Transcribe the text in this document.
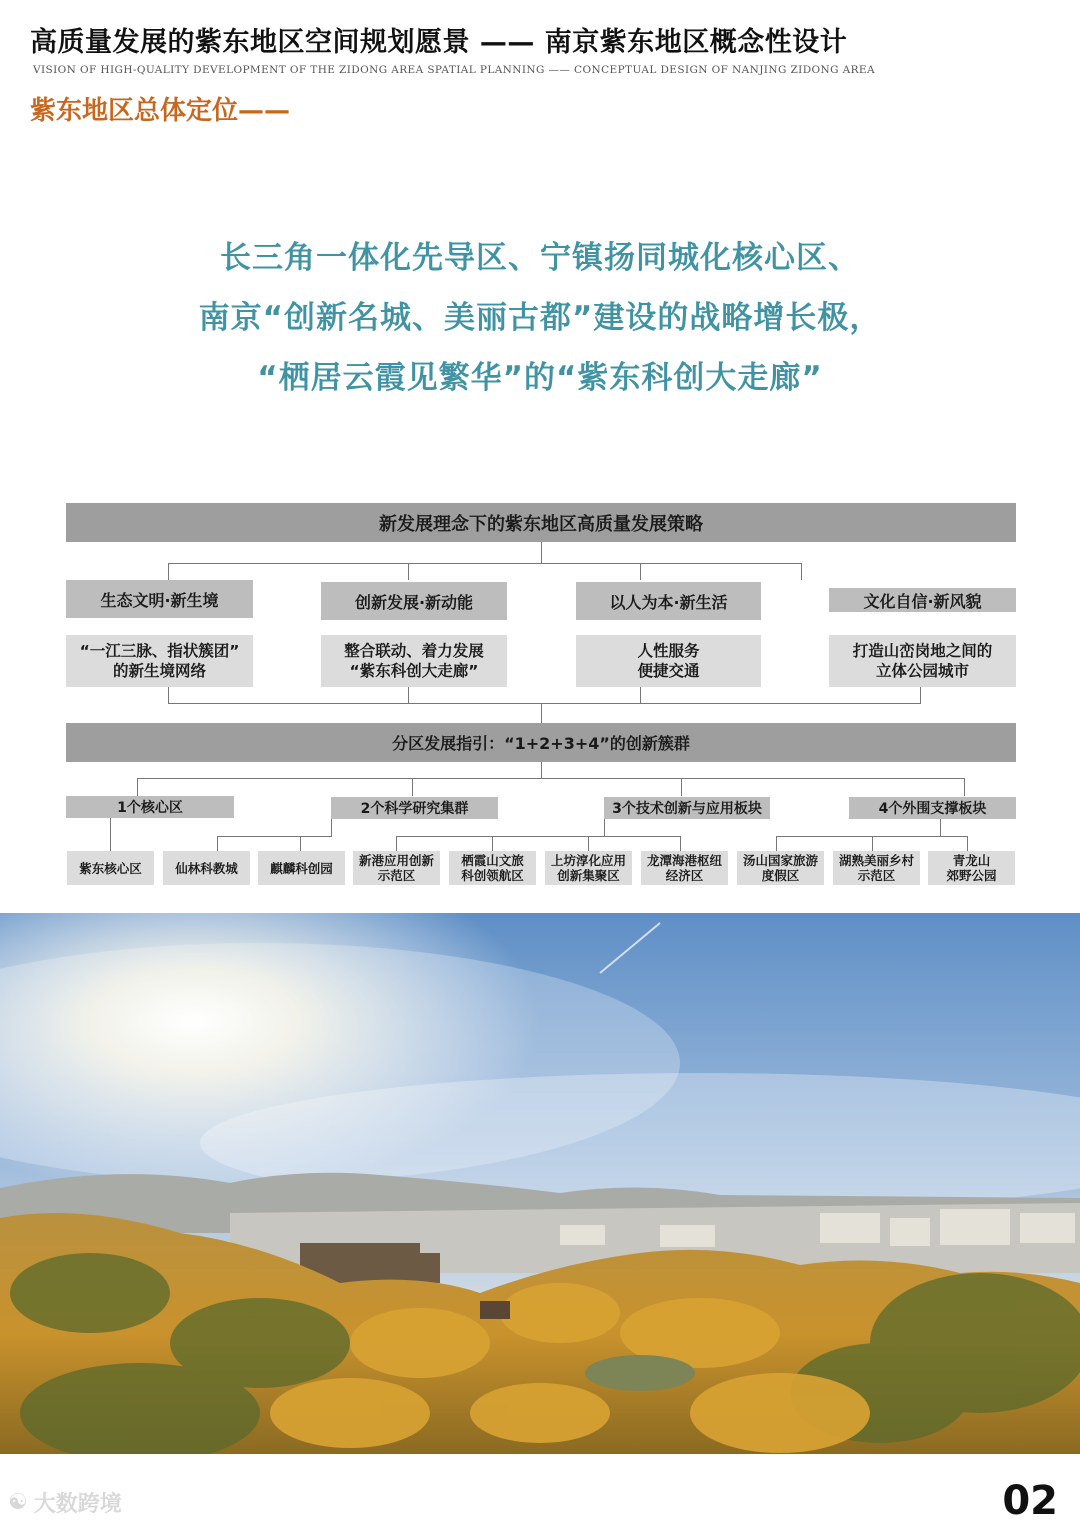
高质量发展的紫东地区空间规划愿景 —— 南京紫东地区概念性设计
VISION OF HIGH-QUALITY DEVELOPMENT OF THE ZIDONG AREA SPATIAL PLANNING —— CONCEPTUAL DESIGN OF NANJING ZIDONG AREA
紫东地区总体定位——
长三角一体化先导区、宁镇扬同城化核心区、
南京“创新名城、美丽古都”建设的战略增长极，
“栖居云霞见繁华”的“紫东科创大走廊”
新发展理念下的紫东地区高质量发展策略
生态文明·新生境	创新发展·新动能	以人为本·新生活	文化自信·新风貌
“一江三脉、指状簇团”
的新生境网络
整合联动、着力发展
“紫东科创大走廊”
人性服务
便捷交通
打造山峦岗地之间的
立体公园城市
分区发展指引：“1+2+3+4”的创新簇群
1个核心区	2个科学研究集群	3个技术创新与应用板块	4个外围支撑板块
紫东核心区	仙林科教城	麒麟科创园	新港应用创新
示范区
栖霞山文旅
科创领航区
上坊淳化应用
创新集聚区
龙潭海港枢纽
经济区
汤山国家旅游
度假区
湖熟美丽乡村
示范区
青龙山
郊野公园
☯ 大数跨境	02
